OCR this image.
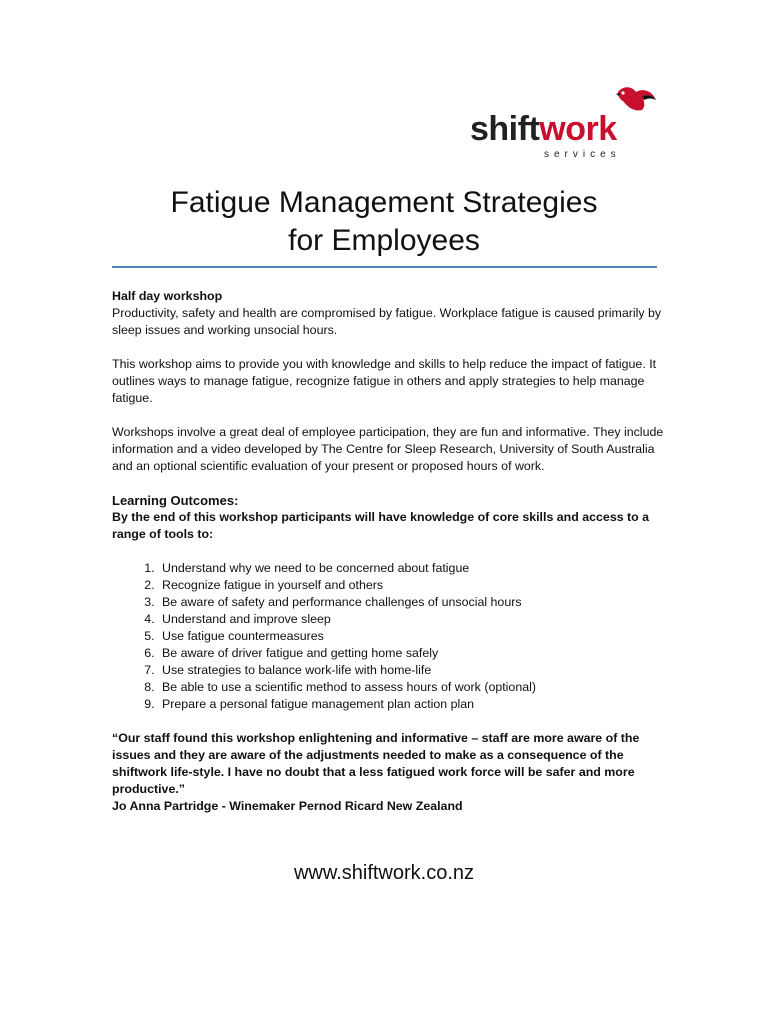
shiftwork
services
Fatigue Management Strategies
for Employees

Half day workshop
Productivity, safety and health are compromised by fatigue. Workplace fatigue is caused primarily by sleep issues and working unsocial hours.

This workshop aims to provide you with knowledge and skills to help reduce the impact of fatigue. It outlines ways to manage fatigue, recognize fatigue in others and apply strategies to help manage fatigue.

Workshops involve a great deal of employee participation, they are fun and informative. They include information and a video developed by The Centre for Sleep Research, University of South Australia and an optional scientific evaluation of your present or proposed hours of work.

Learning Outcomes:

By the end of this workshop participants will have knowledge of core skills and access to a range of tools to:

1. Understand why we need to be concerned about fatigue
2. Recognize fatigue in yourself and others
3. Be aware of safety and performance challenges of unsocial hours
4. Understand and improve sleep
5. Use fatigue countermeasures
6. Be aware of driver fatigue and getting home safely
7. Use strategies to balance work-life with home-life
8. Be able to use a scientific method to assess hours of work (optional)
9. Prepare a personal fatigue management plan action plan

“Our staff found this workshop enlightening and informative – staff are more aware of the issues and they are aware of the adjustments needed to make as a consequence of the shiftwork life-style. I have no doubt that a less fatigued work force will be safer and more productive.”

Jo Anna Partridge - Winemaker Pernod Ricard New Zealand

www.shiftwork.co.nz
